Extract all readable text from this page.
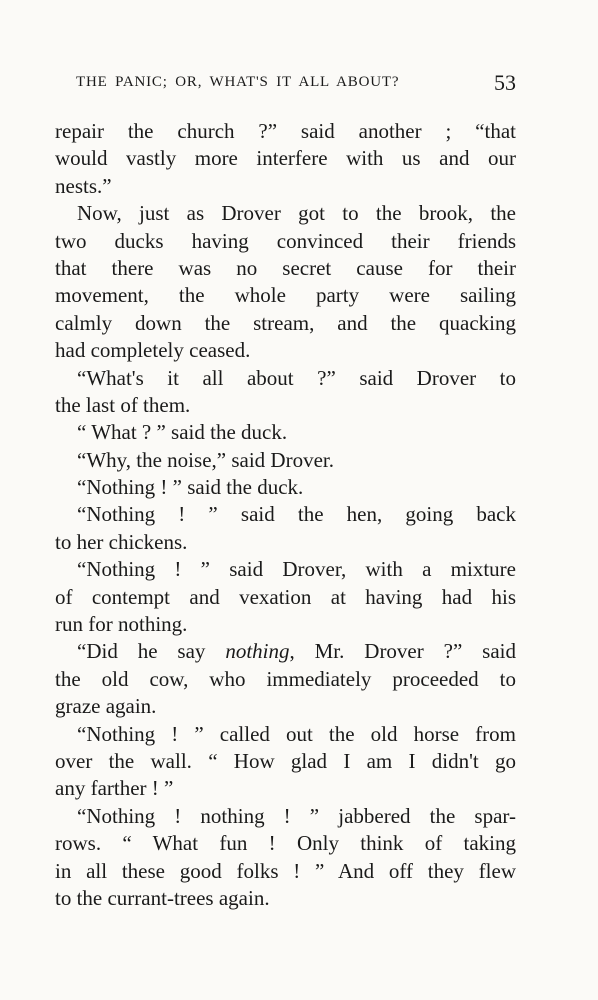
THE PANIC; OR, WHAT'S IT ALL ABOUT?	53
repair the church ?” said another ; “that
would vastly more interfere with us and our
nests.”
Now, just as Drover got to the brook, the
two ducks having convinced their friends
that there was no secret cause for their
movement, the whole party were sailing
calmly down the stream, and the quacking
had completely ceased.
“What's it all about ?” said Drover to
the last of them.
“ What ? ” said the duck.
“Why, the noise,” said Drover.
“Nothing ! ” said the duck.
“Nothing ! ” said the hen, going back
to her chickens.
“Nothing ! ” said Drover, with a mixture
of contempt and vexation at having had his
run for nothing.
“Did he say nothing, Mr. Drover ?” said
the old cow, who immediately proceeded to
graze again.
“Nothing ! ” called out the old horse from
over the wall. “ How glad I am I didn't go
any farther ! ”
“Nothing ! nothing ! ” jabbered the spar-
rows. “ What fun ! Only think of taking
in all these good folks ! ” And off they flew
to the currant-trees again.
